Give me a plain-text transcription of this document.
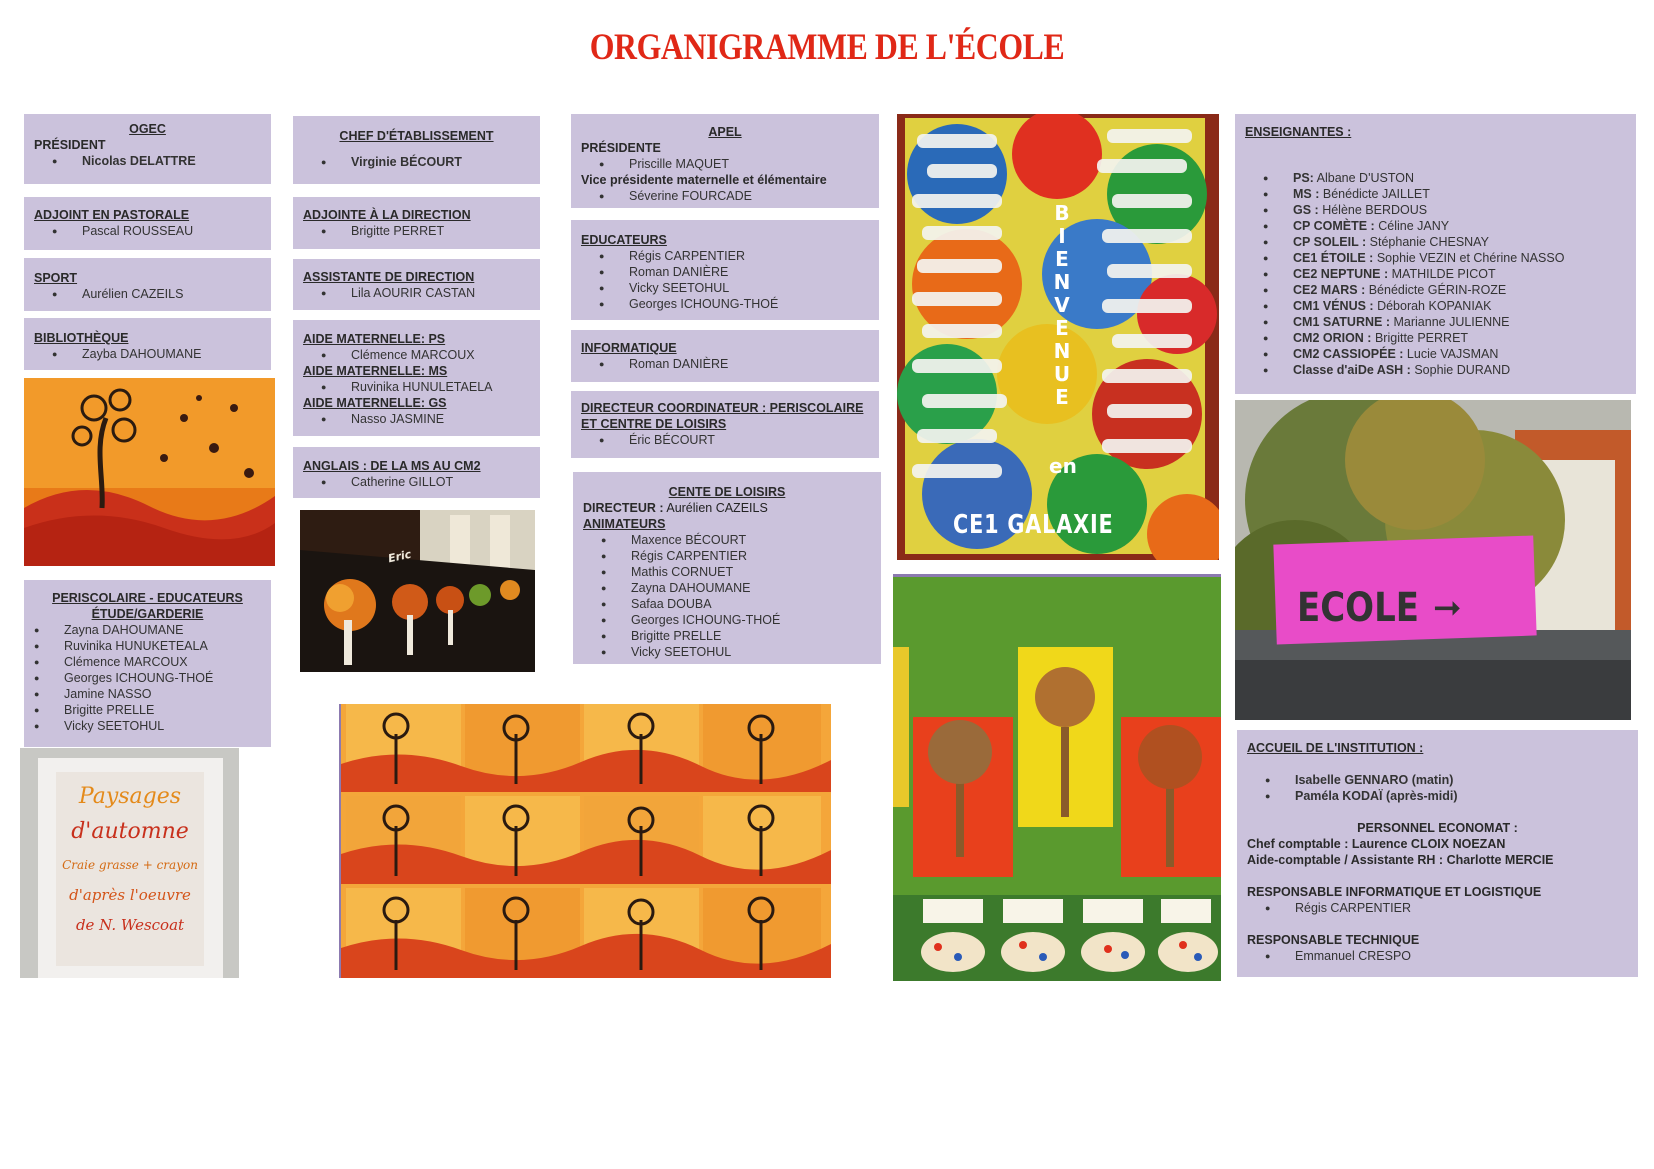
ORGANIGRAMME DE L'ÉCOLE
OGEC
PRÉSIDENT
● Nicolas DELATTRE
ADJOINT EN PASTORALE
● Pascal ROUSSEAU
SPORT
● Aurélien CAZEILS
BIBLIOTHÈQUE
● Zayba DAHOUMANE
PERISCOLAIRE - EDUCATEURS
ÉTUDE/GARDERIE
● Zayna DAHOUMANE
● Ruvinika HUNUKETEALA
● Clémence MARCOUX
● Georges ICHOUNG-THOÉ
● Jamine NASSO
● Brigitte PRELLE
● Vicky SEETOHUL
Paysages
d'automne
Craie grasse + crayon
d'après l'oeuvre
de N. Wescoat
CHEF D'ÉTABLISSEMENT
● Virginie BÉCOURT
ADJOINTE À LA DIRECTION
● Brigitte PERRET
ASSISTANTE DE DIRECTION
● Lila AOURIR CASTAN
AIDE MATERNELLE: PS
● Clémence MARCOUX
AIDE MATERNELLE: MS
● Ruvinika HUNULETAELA
AIDE MATERNELLE: GS
● Nasso JASMINE
ANGLAIS : DE LA MS AU CM2
● Catherine GILLOT
Eric
APEL
PRÉSIDENTE
● Priscille MAQUET
Vice présidente maternelle et élémentaire
● Séverine FOURCADE
EDUCATEURS
● Régis CARPENTIER
● Roman DANIÈRE
● Vicky SEETOHUL
● Georges ICHOUNG-THOÉ
INFORMATIQUE
● Roman DANIÈRE
DIRECTEUR COORDINATEUR : PERISCOLAIRE
ET CENTRE DE LOISIRS
● Éric BÉCOURT
CENTE DE LOISIRS
DIRECTEUR : Aurélien CAZEILS
ANIMATEURS
● Maxence BÉCOURT
● Régis CARPENTIER
● Mathis CORNUET
● Zayna DAHOUMANE
● Safaa DOUBA
● Georges ICHOUNG-THOÉ
● Brigitte PRELLE
● Vicky SEETOHUL
BIENVENUE
en
CE1 GALAXIE
ENSEIGNANTES :
● PS: Albane D'USTON
● MS : Bénédicte JAILLET
● GS : Hélène BERDOUS
● CP COMÈTE : Céline JANY
● CP SOLEIL : Stéphanie CHESNAY
● CE1 ÉTOILE : Sophie VEZIN et Chérine NASSO
● CE2 NEPTUNE : MATHILDE PICOT
● CE2 MARS : Bénédicte GÉRIN-ROZE
● CM1 VÉNUS : Déborah KOPANIAK
● CM1 SATURNE : Marianne JULIENNE
● CM2 ORION : Brigitte PERRET
● CM2 CASSIOPÉE : Lucie VAJSMAN
● Classe d'aiDe ASH : Sophie DURAND
ECOLE ➞
ACCUEIL DE L'INSTITUTION :
● Isabelle GENNARO (matin)
● Paméla KODAÏ (après-midi)
PERSONNEL ECONOMAT :
Chef comptable : Laurence CLOIX NOEZAN
Aide-comptable / Assistante RH : Charlotte MERCIE
RESPONSABLE INFORMATIQUE ET LOGISTIQUE
● Régis CARPENTIER
RESPONSABLE TECHNIQUE
● Emmanuel CRESPO
